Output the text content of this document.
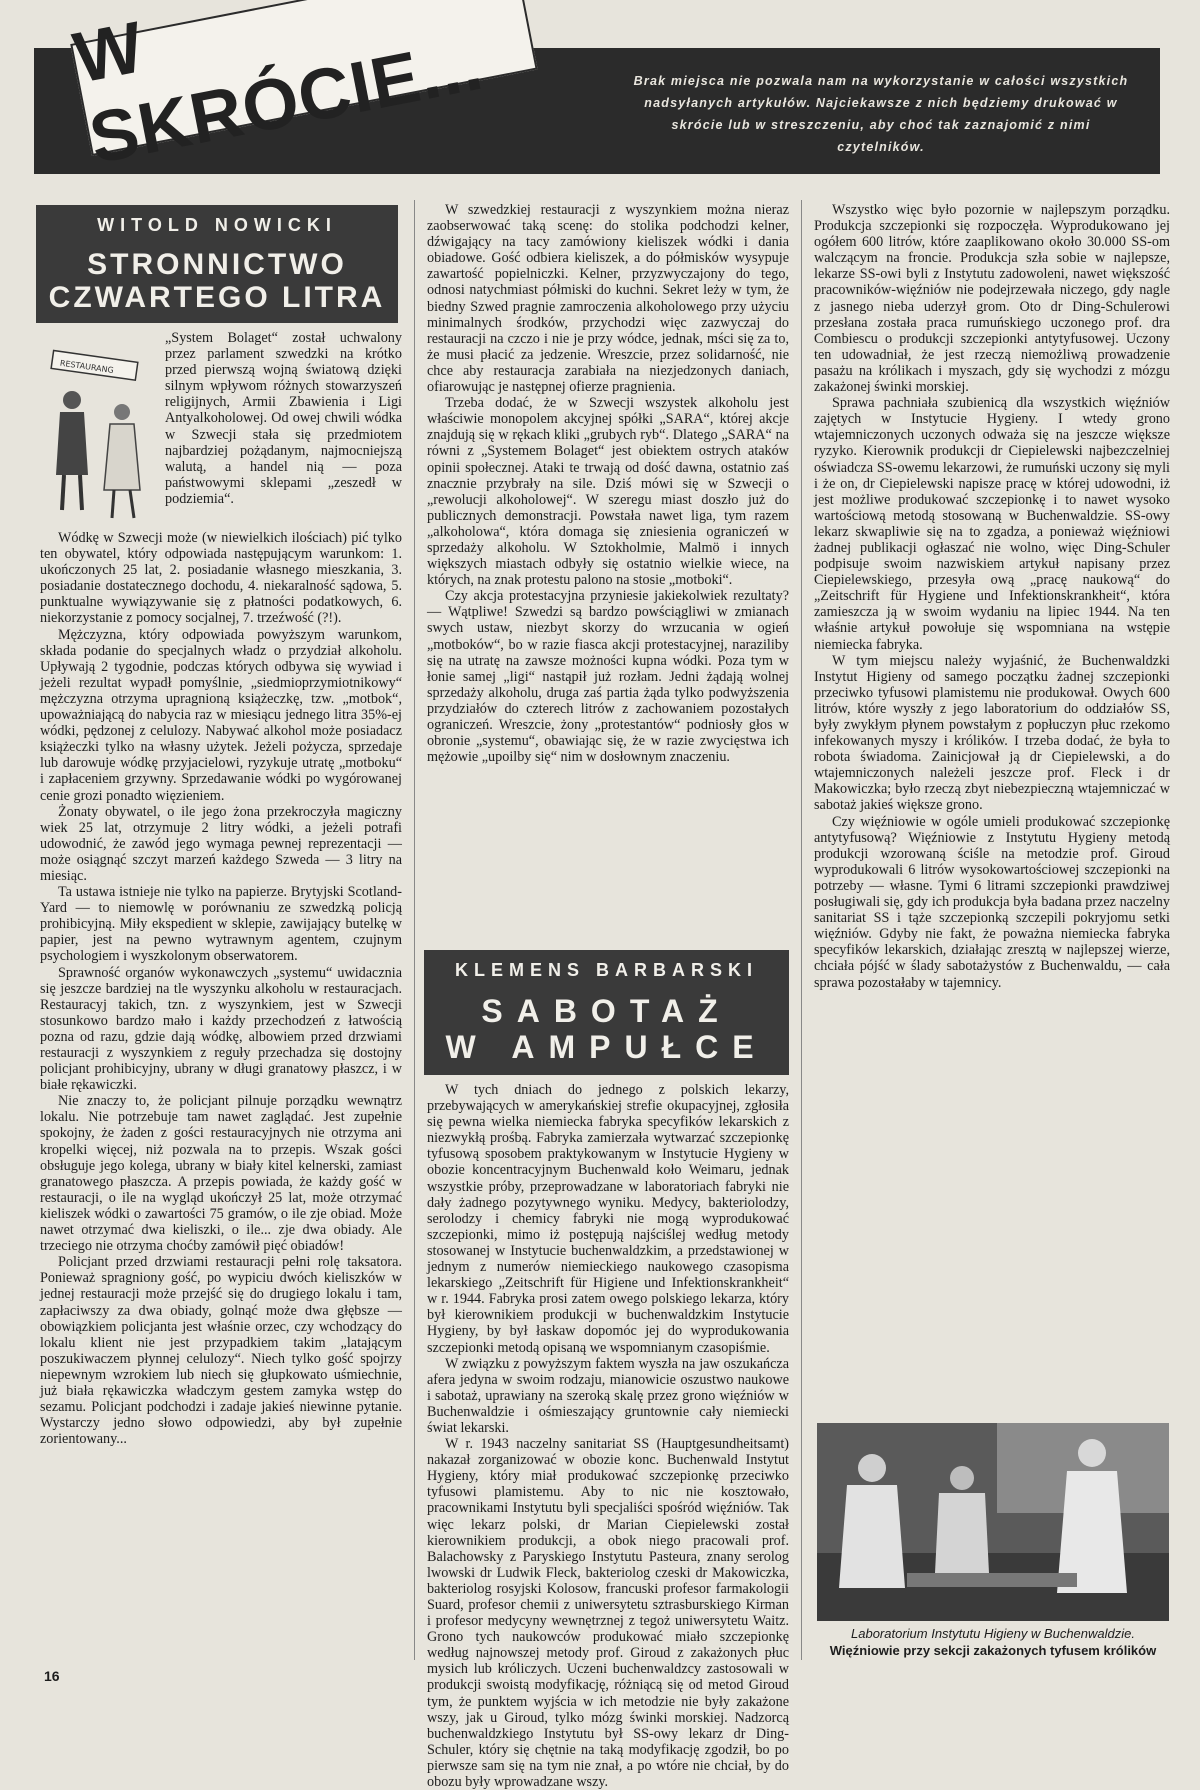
W SKRÓCIE...	Brak miejsca nie pozwala nam na wykorzystanie w całości wszystkich nadsyłanych artykułów. Najciekawsze z nich będziemy drukować w skrócie lub w streszczeniu, aby choć tak zaznajomić z nimi czytelników.
WITOLD NOWICKI
STRONNICTWO CZWARTEGO LITRA
RESTAURANG

„System Bolaget“ został uchwalony przez parlament szwedzki na krótko przed pierwszą wojną światową dzięki silnym wpływom różnych stowarzyszeń religijnych, Armii Zbawienia i Ligi Antyalkoholowej. Od owej chwili wódka w Szwecji stała się przedmiotem najbardziej pożądanym, najmocniejszą walutą, a handel nią — poza państwowymi sklepami „zeszedł w podziemia“.

Wódkę w Szwecji może (w niewielkich ilościach) pić tylko ten obywatel, który odpowiada następującym warunkom: 1. ukończonych 25 lat, 2. posiadanie własnego mieszkania, 3. posiadanie dostatecznego dochodu, 4. niekaralność sądowa, 5. punktualne wywiązywanie się z płatności podatkowych, 6. niekorzystanie z pomocy socjalnej, 7. trzeźwość (?!).

Mężczyzna, który odpowiada powyższym warunkom, składa podanie do specjalnych władz o przydział alkoholu. Upływają 2 tygodnie, podczas których odbywa się wywiad i jeżeli rezultat wypadł pomyślnie, „siedmioprzymiotnikowy“ mężczyzna otrzyma upragnioną książeczkę, tzw. „motbok“, upoważniającą do nabycia raz w miesiącu jednego litra 35%-ej wódki, pędzonej z celulozy. Nabywać alkohol może posiadacz książeczki tylko na własny użytek. Jeżeli pożycza, sprzedaje lub darowuje wódkę przyjacielowi, ryzykuje utratę „motboku“ i zapłaceniem grzywny. Sprzedawanie wódki po wygórowanej cenie grozi ponadto więzieniem.

Żonaty obywatel, o ile jego żona przekroczyła magiczny wiek 25 lat, otrzymuje 2 litry wódki, a jeżeli potrafi udowodnić, że zawód jego wymaga pewnej reprezentacji — może osiągnąć szczyt marzeń każdego Szweda — 3 litry na miesiąc.

Ta ustawa istnieje nie tylko na papierze. Brytyjski Scotland-Yard — to niemowlę w porównaniu ze szwedzką policją prohibicyjną. Miły ekspedient w sklepie, zawijający butelkę w papier, jest na pewno wytrawnym agentem, czujnym psychologiem i wyszkolonym obserwatorem.

Sprawność organów wykonawczych „systemu“ uwidacznia się jeszcze bardziej na tle wyszynku alkoholu w restauracjach. Restauracyj takich, tzn. z wyszynkiem, jest w Szwecji stosunkowo bardzo mało i każdy przechodzeń z łatwością pozna od razu, gdzie dają wódkę, albowiem przed drzwiami restauracji z wyszynkiem z reguły przechadza się dostojny policjant prohibicyjny, ubrany w długi granatowy płaszcz, i w białe rękawiczki.

Nie znaczy to, że policjant pilnuje porządku wewnątrz lokalu. Nie potrzebuje tam nawet zaglądać. Jest zupełnie spokojny, że żaden z gości restauracyjnych nie otrzyma ani kropelki więcej, niż pozwala na to przepis. Wszak gości obsługuje jego kolega, ubrany w biały kitel kelnerski, zamiast granatowego płaszcza. A przepis powiada, że każdy gość w restauracji, o ile na wygląd ukończył 25 lat, może otrzymać kieliszek wódki o zawartości 75 gramów, o ile zje obiad. Może nawet otrzymać dwa kieliszki, o ile... zje dwa obiady. Ale trzeciego nie otrzyma choćby zamówił pięć obiadów!

Policjant przed drzwiami restauracji pełni rolę taksatora. Ponieważ spragniony gość, po wypiciu dwóch kieliszków w jednej restauracji może przejść się do drugiego lokalu i tam, zapłaciwszy za dwa obiady, golnąć może dwa głębsze — obowiązkiem policjanta jest właśnie orzec, czy wchodzący do lokalu klient nie jest przypadkiem takim „latającym poszukiwaczem płynnej celulozy“. Niech tylko gość spojrzy niepewnym wzrokiem lub niech się głupkowato uśmiechnie, już biała rękawiczka władczym gestem zamyka wstęp do sezamu. Policjant podchodzi i zadaje jakieś niewinne pytanie. Wystarczy jedno słowo odpowiedzi, aby był zupełnie zorientowany...

W szwedzkiej restauracji z wyszynkiem można nieraz zaobserwować taką scenę: do stolika podchodzi kelner, dźwigający na tacy zamówiony kieliszek wódki i dania obiadowe. Gość odbiera kieliszek, a do półmisków wysypuje zawartość popielniczki. Kelner, przyzwyczajony do tego, odnosi natychmiast półmiski do kuchni. Sekret leży w tym, że biedny Szwed pragnie zamroczenia alkoholowego przy użyciu minimalnych środków, przychodzi więc zazwyczaj do restauracji na czczo i nie je przy wódce, jednak, mści się za to, że musi płacić za jedzenie. Wreszcie, przez solidarność, nie chce aby restauracja zarabiała na niezjedzonych daniach, ofiarowując je następnej ofierze pragnienia.

Trzeba dodać, że w Szwecji wszystek alkoholu jest właściwie monopolem akcyjnej spółki „SARA“, której akcje znajdują się w rękach kliki „grubych ryb“. Dlatego „SARA“ na równi z „Systemem Bolaget“ jest obiektem ostrych ataków opinii społecznej. Ataki te trwają od dość dawna, ostatnio zaś znacznie przybrały na sile. Dziś mówi się w Szwecji o „rewolucji alkoholowej“. W szeregu miast doszło już do publicznych demonstracji. Powstała nawet liga, tym razem „alkoholowa“, która domaga się zniesienia ograniczeń w sprzedaży alkoholu. W Sztokholmie, Malmö i innych większych miastach odbyły się ostatnio wielkie wiece, na których, na znak protestu palono na stosie „motboki“.

Czy akcja protestacyjna przyniesie jakiekolwiek rezultaty? — Wątpliwe! Szwedzi są bardzo powściągliwi w zmianach swych ustaw, niezbyt skorzy do wrzucania w ogień „motboków“, bo w razie fiasca akcji protestacyjnej, naraziliby się na utratę na zawsze możności kupna wódki. Poza tym w łonie samej „ligi“ nastąpił już rozłam. Jedni żądają wolnej sprzedaży alkoholu, druga zaś partia żąda tylko podwyższenia przydziałów do czterech litrów z zachowaniem pozostałych ograniczeń. Wreszcie, żony „protestantów“ podniosły głos w obronie „systemu“, obawiając się, że w razie zwycięstwa ich mężowie „upoilby się“ nim w dosłownym znaczeniu.

KLEMENS BARBARSKI
SABOTAŻ
W AMPUŁCE

W tych dniach do jednego z polskich lekarzy, przebywających w amerykańskiej strefie okupacyjnej, zgłosiła się pewna wielka niemiecka fabryka specyfików lekarskich z niezwykłą prośbą. Fabryka zamierzała wytwarzać szczepionkę tyfusową sposobem praktykowanym w Instytucie Hygieny w obozie koncentracyjnym Buchenwald koło Weimaru, jednak wszystkie próby, przeprowadzane w laboratoriach fabryki nie dały żadnego pozytywnego wyniku. Medycy, bakteriolodzy, serolodzy i chemicy fabryki nie mogą wyprodukować szczepionki, mimo iż postępują najściślej według metody stosowanej w Instytucie buchenwaldzkim, a przedstawionej w jednym z numerów niemieckiego naukowego czasopisma lekarskiego „Zeitschrift für Higiene und Infektionskrankheit“ w r. 1944. Fabryka prosi zatem owego polskiego lekarza, który był kierownikiem produkcji w buchenwaldzkim Instytucie Hygieny, by był łaskaw dopomóc jej do wyprodukowania szczepionki metodą opisaną we wspomnianym czasopiśmie.

W związku z powyższym faktem wyszła na jaw oszukańcza afera jedyna w swoim rodzaju, mianowicie oszustwo naukowe i sabotaż, uprawiany na szeroką skalę przez grono więźniów w Buchenwaldzie i ośmieszający gruntownie cały niemiecki świat lekarski.

W r. 1943 naczelny sanitariat SS (Hauptgesundheitsamt) nakazał zorganizować w obozie konc. Buchenwald Instytut Hygieny, który miał produkować szczepionkę przeciwko tyfusowi plamistemu. Aby to nic nie kosztowało, pracownikami Instytutu byli specjaliści spośród więźniów. Tak więc lekarz polski, dr Marian Ciepielewski został kierownikiem produkcji, a obok niego pracowali prof. Balachowsky z Paryskiego Instytutu Pasteura, znany serolog lwowski dr Ludwik Fleck, bakteriolog czeski dr Makowiczka, bakteriolog rosyjski Kolosow, francuski profesor farmakologii Suard, profesor chemii z uniwersytetu sztrasburskiego Kirman i profesor medycyny wewnętrznej z tegoż uniwersytetu Waitz. Grono tych naukowców produkować miało szczepionkę według najnowszej metody prof. Giroud z zakażonych płuc mysich lub króliczych. Uczeni buchenwaldzcy zastosowali w produkcji swoistą modyfikację, różniącą się od metod Giroud tym, że punktem wyjścia w ich metodzie nie były zakażone wszy, jak u Giroud, tylko mózg świnki morskiej. Nadzorcą buchenwaldzkiego Instytutu był SS-owy lekarz dr Ding-Schuler, który się chętnie na taką modyfikację zgodził, bo po pierwsze sam się na tym nie znał, a po wtóre nie chciał, by do obozu były wprowadzane wszy.

Wszystko więc było pozornie w najlepszym porządku. Produkcja szczepionki się rozpoczęła. Wyprodukowano jej ogółem 600 litrów, które zaaplikowano około 30.000 SS-om walczącym na froncie. Produkcja szła sobie w najlepsze, lekarze SS-owi byli z Instytutu zadowoleni, nawet większość pracowników-więźniów nie podejrzewała niczego, gdy nagle z jasnego nieba uderzył grom. Oto dr Ding-Schulerowi przesłana została praca rumuńskiego uczonego prof. dra Combiescu o produkcji szczepionki antytyfusowej. Uczony ten udowadniał, że jest rzeczą niemożliwą prowadzenie pasażu na królikach i myszach, gdy się wychodzi z mózgu zakażonej świnki morskiej.

Sprawa pachniała szubienicą dla wszystkich więźniów zajętych w Instytucie Hygieny. I wtedy grono wtajemniczonych uczonych odważa się na jeszcze większe ryzyko. Kierownik produkcji dr Ciepielewski najbezczelniej oświadcza SS-owemu lekarzowi, że rumuński uczony się myli i że on, dr Ciepielewski napisze pracę w której udowodni, iż jest możliwe produkować szczepionkę i to nawet wysoko wartościową metodą stosowaną w Buchenwaldzie. SS-owy lekarz skwapliwie się na to zgadza, a ponieważ więźniowi żadnej publikacji ogłaszać nie wolno, więc Ding-Schuler podpisuje swoim nazwiskiem artykuł napisany przez Ciepielewskiego, przesyła ową „pracę naukową“ do „Zeitschrift für Hygiene und Infektionskrankheit“, która zamieszcza ją w swoim wydaniu na lipiec 1944. Na ten właśnie artykuł powołuje się wspomniana na wstępie niemiecka fabryka.

W tym miejscu należy wyjaśnić, że Buchenwaldzki Instytut Higieny od samego początku żadnej szczepionki przeciwko tyfusowi plamistemu nie produkował. Owych 600 litrów, które wyszły z jego laboratorium do oddziałów SS, były zwykłym płynem powstałym z popłuczyn płuc rzekomo infekowanych myszy i królików. I trzeba dodać, że była to robota świadoma. Zainicjował ją dr Ciepielewski, a do wtajemniczonych należeli jeszcze prof. Fleck i dr Makowiczka; było rzeczą zbyt niebezpieczną wtajemniczać w sabotaż jakieś większe grono.

Czy więźniowie w ogóle umieli produkować szczepionkę antytyfusową? Więźniowie z Instytutu Hygieny metodą produkcji wzorowaną ściśle na metodzie prof. Giroud wyprodukowali 6 litrów wysokowartościowej szczepionki na potrzeby — własne. Tymi 6 litrami szczepionki prawdziwej posługiwali się, gdy ich produkcja była badana przez naczelny sanitariat SS i tąże szczepionką szczepili pokryjomu setki więźniów. Gdyby nie fakt, że poważna niemiecka fabryka specyfików lekarskich, działając zresztą w najlepszej wierze, chciała pójść w ślady sabotażystów z Buchenwaldu, — cała sprawa pozostałaby w tajemnicy.

Laboratorium Instytutu Higieny w Buchenwaldzie.
Więźniowie przy sekcji zakażonych tyfusem królików
16
